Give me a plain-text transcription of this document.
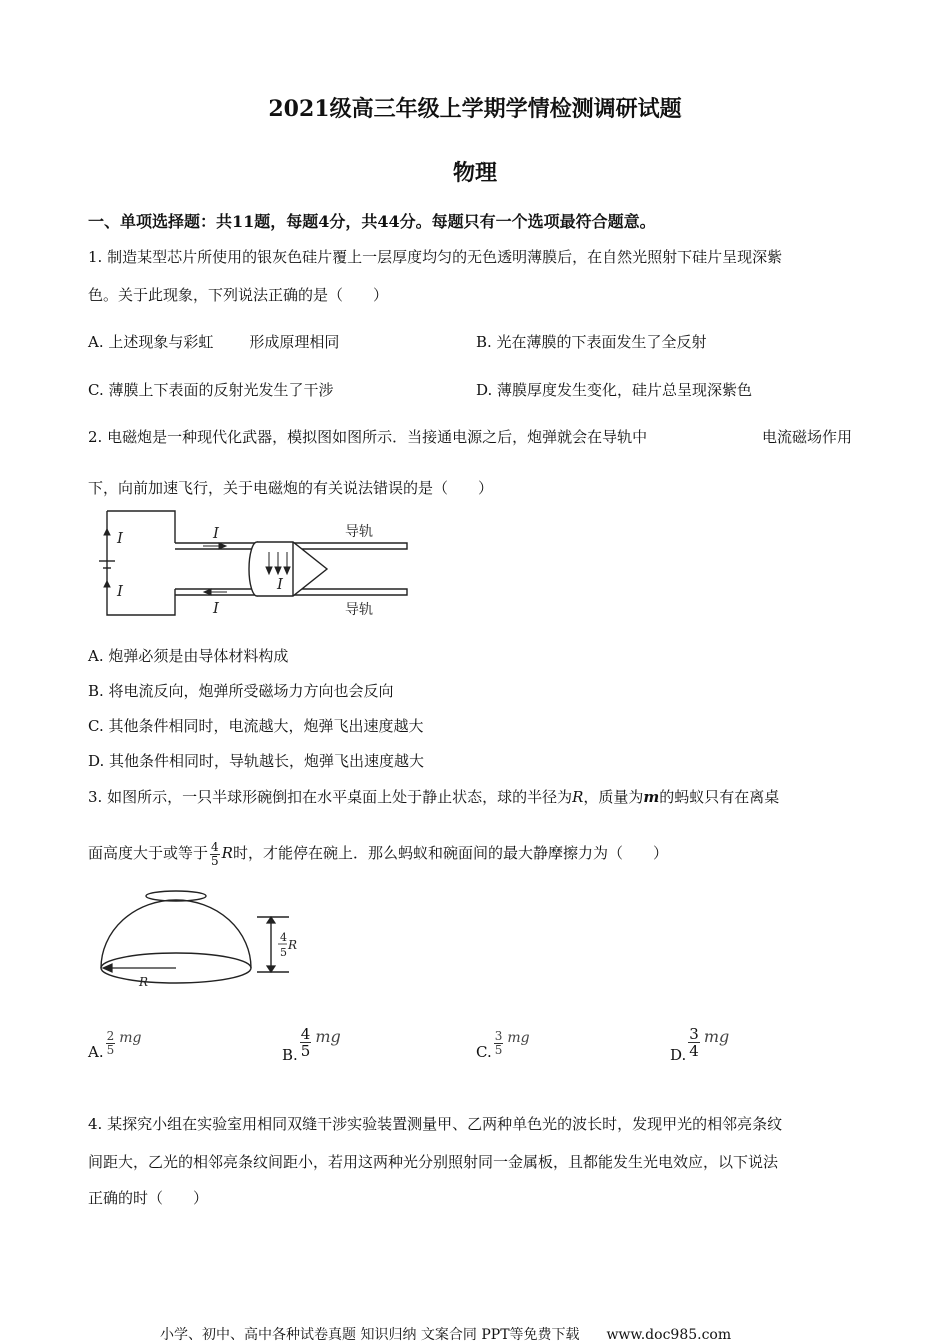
2021级高三年级上学期学情检测调研试题
物理
一、单项选择题：共11题，每题4分，共44分。每题只有一个选项最符合题意。
1. 制造某型芯片所使用的银灰色硅片覆上一层厚度均匀的无色透明薄膜后，在自然光照射下硅片呈现深紫
色。关于此现象，下列说法正确的是（　　）
A. 上述现象与彩虹 形成原理相同	B. 光在薄膜的下表面发生了全反射
C. 薄膜上下表面的反射光发生了干涉	D. 薄膜厚度发生变化，硅片总呈现深紫色
2. 电磁炮是一种现代化武器，模拟图如图所示．当接通电源之后，炮弹就会在导轨中	电流磁场作用
下，向前加速飞行，关于电磁炮的有关说法错误的是（　　）
I
I
I
I
I
导轨
导轨
A. 炮弹必须是由导体材料构成
B. 将电流反向，炮弹所受磁场力方向也会反向
C. 其他条件相同时，电流越大，炮弹飞出速度越大
D. 其他条件相同时，导轨越长，炮弹飞出速度越大
3. 如图所示，一只半球形碗倒扣在水平桌面上处于静止状态，球的半径为R，质量为m的蚂蚁只有在离桌
面高度大于或等于 $\frac{4}{5}$ R时，才能停在碗上．那么蚂蚁和碗面间的最大静摩擦力为（　　）
R
4
5
R
A. $\frac{2}{5}$ mg
B. $\frac{4}{5}$ mg
C. $\frac{3}{5}$ mg
D. $\frac{3}{4}$ mg
4. 某探究小组在实验室用相同双缝干涉实验装置测量甲、乙两种单色光的波长时，发现甲光的相邻亮条纹
间距大，乙光的相邻亮条纹间距小，若用这两种光分别照射同一金属板，且都能发生光电效应，以下说法
正确的时（　　）
小学、初中、高中各种试卷真题 知识归纳 文案合同 PPT等免费下载 www.doc985.com
